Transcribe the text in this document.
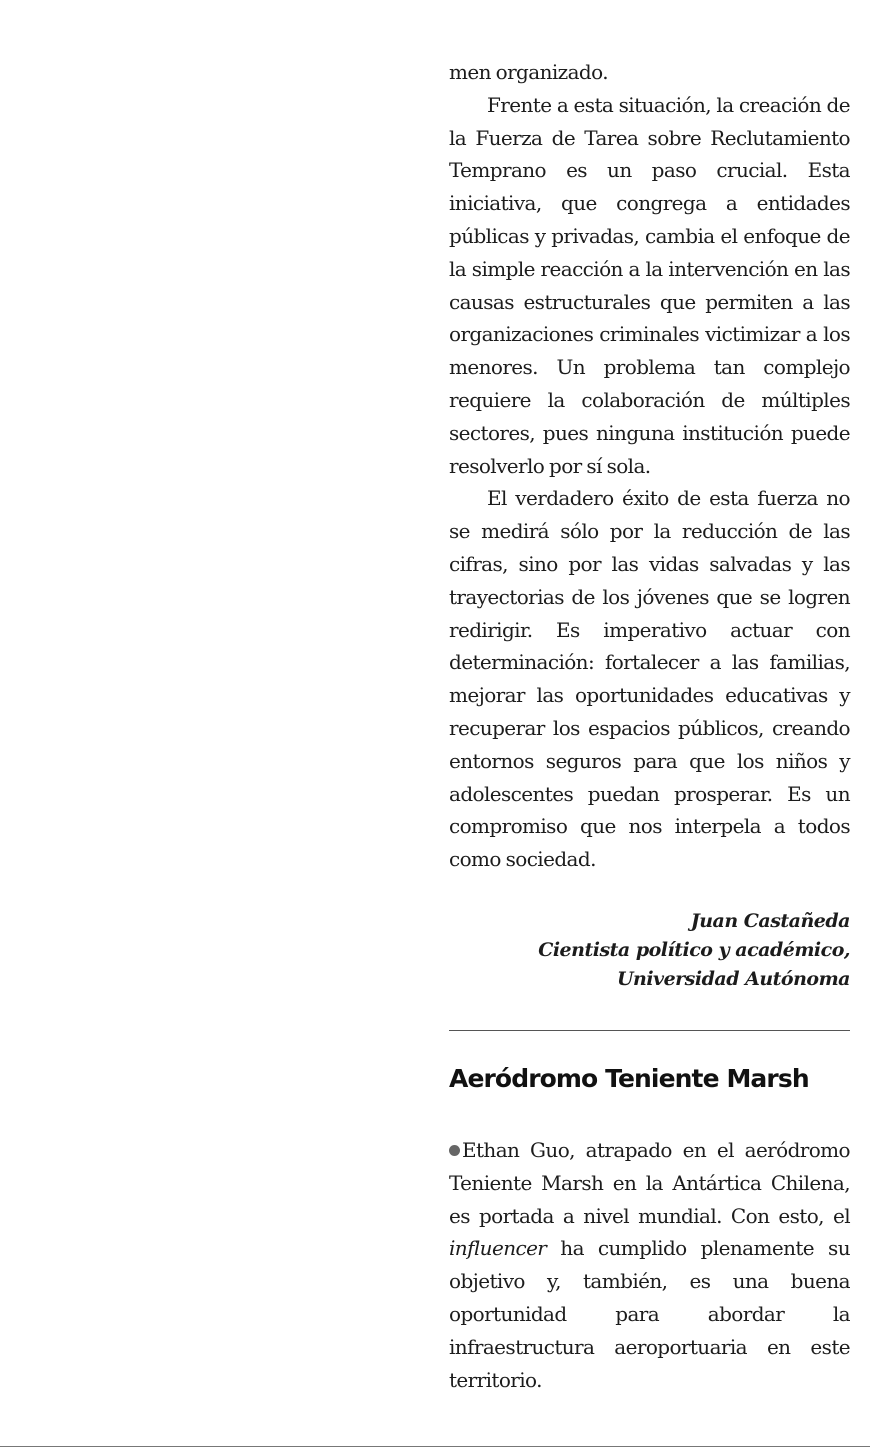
men organizado.

Frente a esta situación, la creación de la Fuerza de Tarea sobre Reclutamiento Temprano es un paso crucial. Esta iniciativa, que congrega a entidades públicas y privadas, cambia el enfoque de la simple reacción a la intervención en las causas estructurales que permiten a las organizaciones criminales victimizar a los menores. Un problema tan complejo requiere la colaboración de múltiples sectores, pues ninguna institución puede resolverlo por sí sola.

El verdadero éxito de esta fuerza no se medirá sólo por la reducción de las cifras, sino por las vidas salvadas y las trayectorias de los jóvenes que se logren redirigir. Es imperativo actuar con determinación: fortalecer a las familias, mejorar las oportunidades educativas y recuperar los espacios públicos, creando entornos seguros para que los niños y adolescentes puedan prosperar. Es un compromiso que nos interpela a todos como sociedad.

Juan Castañeda
Cientista político y académico,
Universidad Autónoma
Aeródromo Teniente Marsh

Ethan Guo, atrapado en el aeródromo Teniente Marsh en la Antártica Chilena, es portada a nivel mundial. Con esto, el influencer ha cumplido plenamente su objetivo y, también, es una buena oportunidad para abordar la infraestructura aeroportuaria en este territorio.
